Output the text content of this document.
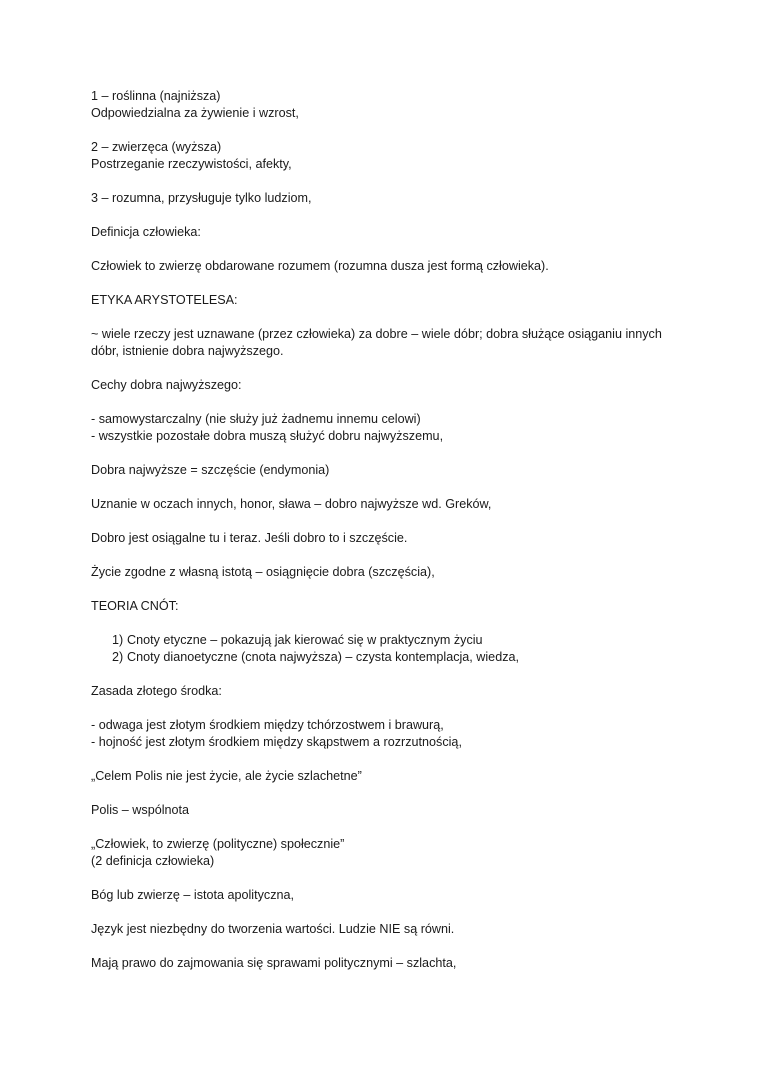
1 – roślinna (najniższa)
Odpowiedzialna za żywienie i wzrost,

2 – zwierzęca (wyższa)
Postrzeganie rzeczywistości, afekty,

3 – rozumna, przysługuje tylko ludziom,

Definicja człowieka:

Człowiek to zwierzę obdarowane rozumem (rozumna dusza jest formą człowieka).

ETYKA ARYSTOTELESA:

~ wiele rzeczy jest uznawane (przez człowieka) za dobre – wiele dóbr; dobra służące osiąganiu innych dóbr, istnienie dobra najwyższego.

Cechy dobra najwyższego:

- samowystarczalny (nie służy już żadnemu innemu celowi)
- wszystkie pozostałe dobra muszą służyć dobru najwyższemu,

Dobra najwyższe = szczęście (endymonia)

Uznanie w oczach innych, honor, sława – dobro najwyższe wd. Greków,

Dobro jest osiągalne tu i teraz. Jeśli dobro to i szczęście.

Życie zgodne z własną istotą – osiągnięcie dobra (szczęścia),

TEORIA CNÓT:

1) Cnoty etyczne – pokazują jak kierować się w praktycznym życiu
2) Cnoty dianoetyczne (cnota najwyższa) – czysta kontemplacja, wiedza,

Zasada złotego środka:

- odwaga jest złotym środkiem między tchórzostwem i brawurą,
- hojność jest złotym środkiem między skąpstwem a rozrzutnością,

„Celem Polis nie jest życie, ale życie szlachetne”

Polis – wspólnota

„Człowiek, to zwierzę (polityczne) społecznie”
(2 definicja człowieka)

Bóg lub zwierzę – istota apolityczna,

Język jest niezbędny do tworzenia wartości. Ludzie NIE są równi.

Mają prawo do zajmowania się sprawami politycznymi – szlachta,
